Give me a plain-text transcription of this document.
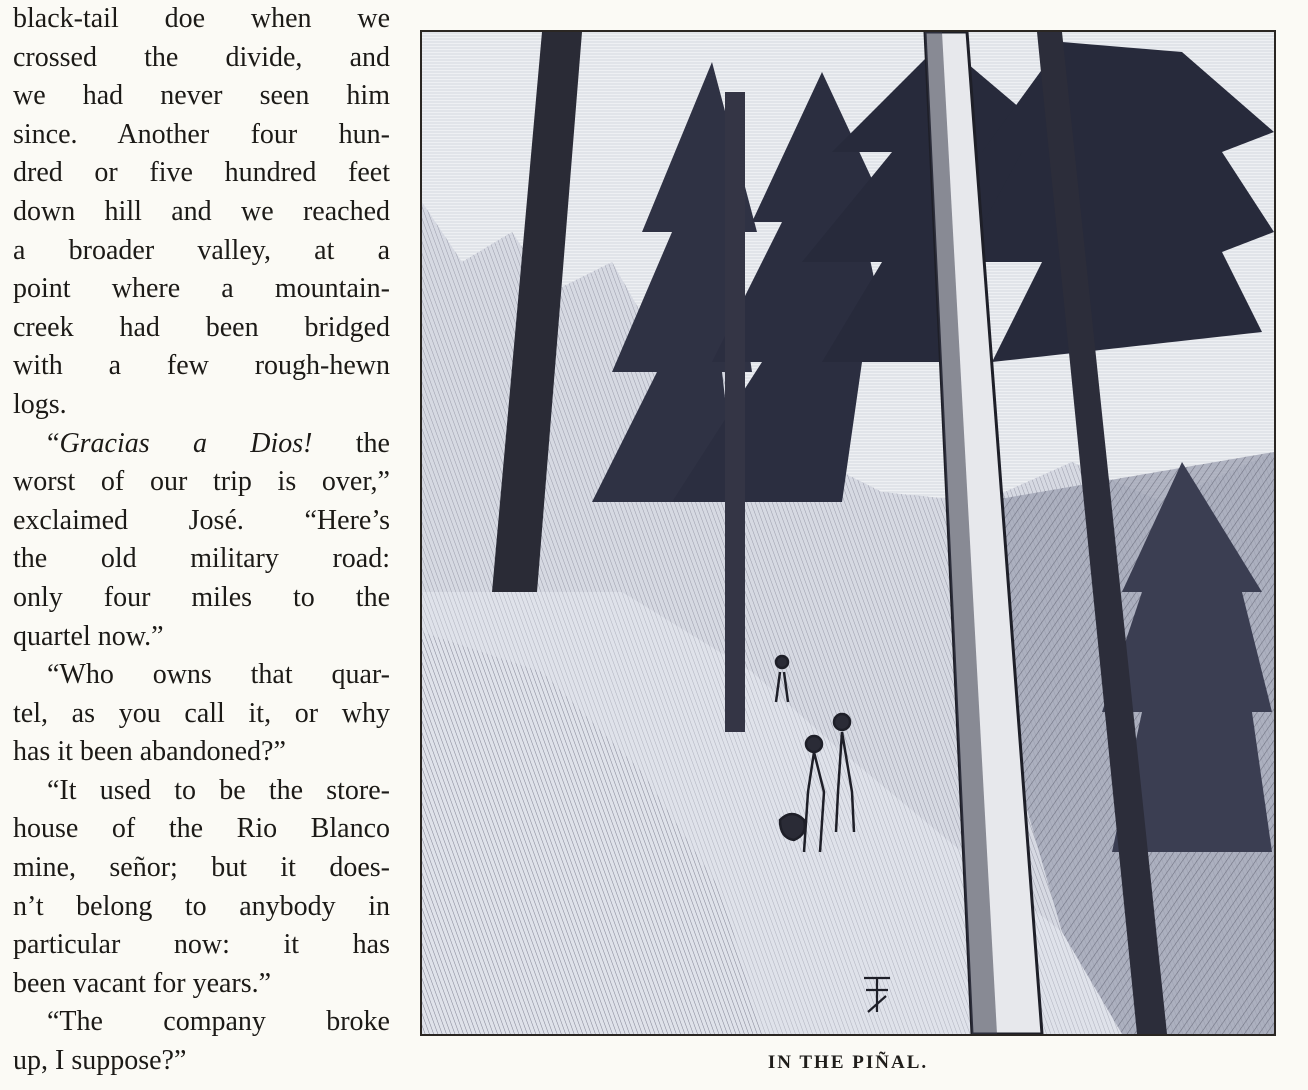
black-tail doe when we
crossed the divide, and
we had never seen him
since. Another four hun-
dred or five hundred feet
down hill and we reached
a broader valley, at a
point where a mountain-
creek had been bridged
with a few rough-hewn
logs.
“Gracias a Dios! the
worst of our trip is over,”
exclaimed José. “Here’s
the old military road:
only four miles to the
quartel now.”
“Who owns that quar-
tel, as you call it, or why
has it been abandoned?”
“It used to be the store-
house of the Rio Blanco
mine, señor; but it does-
n’t belong to anybody in
particular now: it has
been vacant for years.”
“The company broke
up, I suppose?”	IN THE PIÑAL.
